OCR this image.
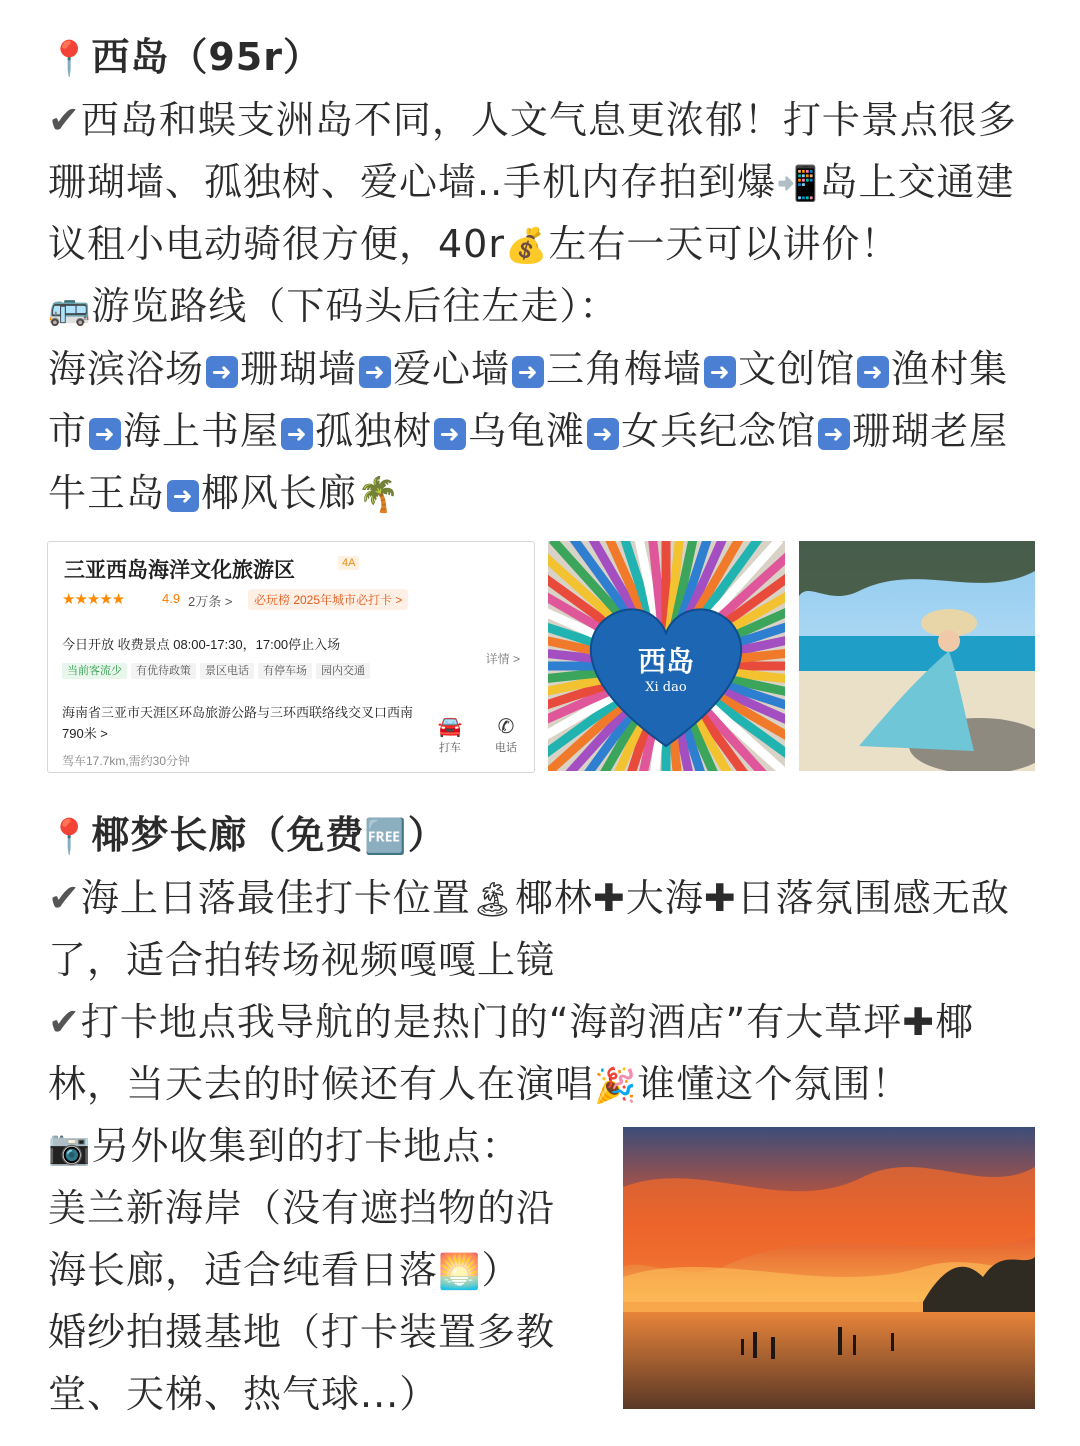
📍西岛（95r）
✔西岛和蜈支洲岛不同，人文气息更浓郁！打卡景点很多
珊瑚墙、孤独树、爱心墙..手机内存拍到爆📲岛上交通建
议租小电动骑很方便，40r💰左右一天可以讲价！
🚌游览路线（下码头后往左走）：
海滨浴场 ➜ 珊瑚墙 ➜ 爱心墙 ➜ 三角梅墙 ➜ 文创馆 ➜ 渔村集
市 ➜ 海上书屋 ➜ 孤独树 ➜ 乌龟滩 ➜ 女兵纪念馆 ➜ 珊瑚老屋
牛王岛 ➜ 椰风长廊🌴
三亚西岛海洋文化旅游区	4A
★★★★★	4.9 2万条 >	必玩榜 2025年城市必打卡 >
今日开放 收费景点 08:00-17:30，17:00停止入场
当前客流少 有优待政策 景区电话 有停车场 园内交通
详情 >
海南省三亚市天涯区环岛旅游公路与三环西联络线交叉口西南790米 >
驾车17.7km,需约30分钟
🚘
打车
✆
电话
西岛
Xi dao
📍椰梦长廊（免费🆓）
✔海上日落最佳打卡位置🏝椰林✚大海✚日落氛围感无敌
了，适合拍转场视频嘎嘎上镜
✔打卡地点我导航的是热门的“海韵酒店”有大草坪✚椰
林，当天去的时候还有人在演唱🎉谁懂这个氛围！
📷另外收集到的打卡地点：
美兰新海岸（没有遮挡物的沿
海长廊，适合纯看日落🌅）
婚纱拍摄基地（打卡装置多教
堂、天梯、热气球...）
